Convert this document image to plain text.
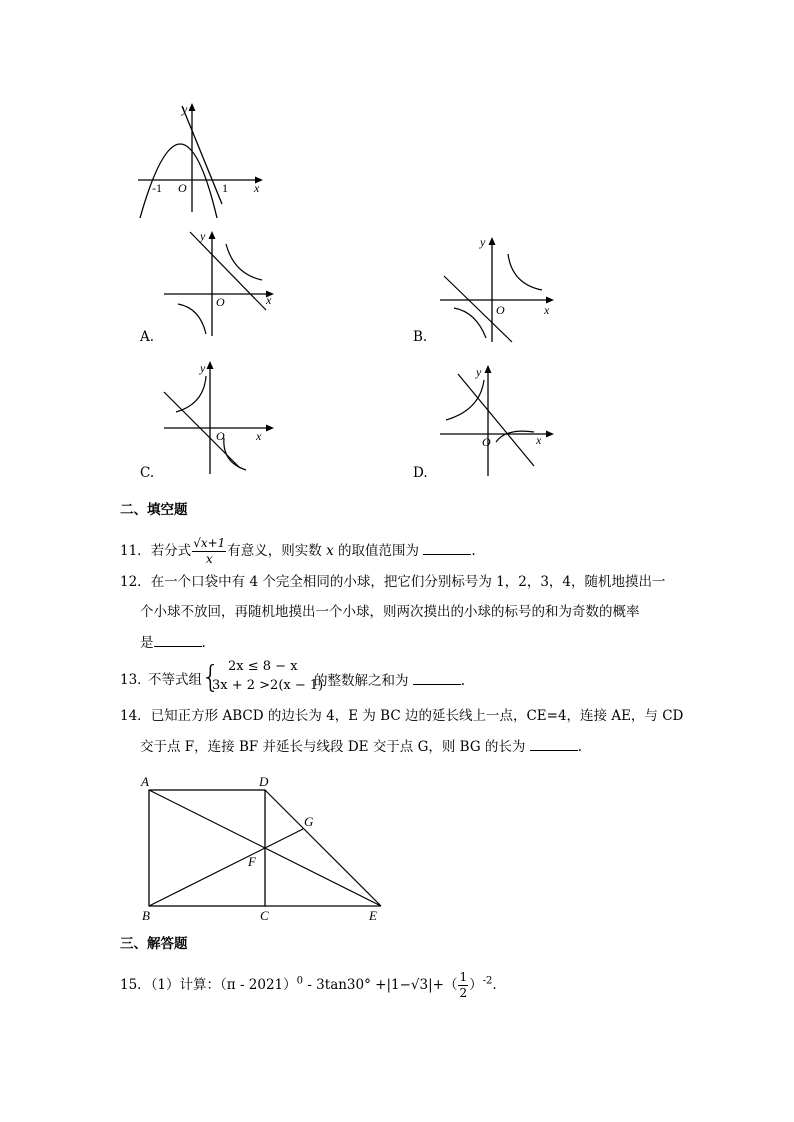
y
x
O
-1	1
y
x
O
A.
y
x
O
B.
y
x
O
C.
y
x
O
D.
二、填空题
11．若分式 $\frac{√x+1}{x}$ 有意义，则实数 x 的取值范围为	.
12．在一个口袋中有 4 个完全相同的小球，把它们分别标号为 1，2，3，4，随机地摸出一
个小球不放回，再随机地摸出一个小球，则两次摸出的小球的标号的和为奇数的概率
是	.
13．
不等式组 { 2x ≤ 8 − x
3x + 2 >2(x − 1)
的整数解之和为	.
14．已知正方形 ABCD 的边长为 4，E 为 BC 边的延长线上一点，CE=4，连接 AE，与 CD
交于点 F，连接 BF 并延长与线段 DE 交于点 G，则 BG 的长为	.
A	D
G
F
B	C	E
三、解答题
15．（1）计算：$(\pi - 2021)^0 - 3\tan 30^\circ +|1-√3|+( \frac{1}{2} )^{-2}$.
